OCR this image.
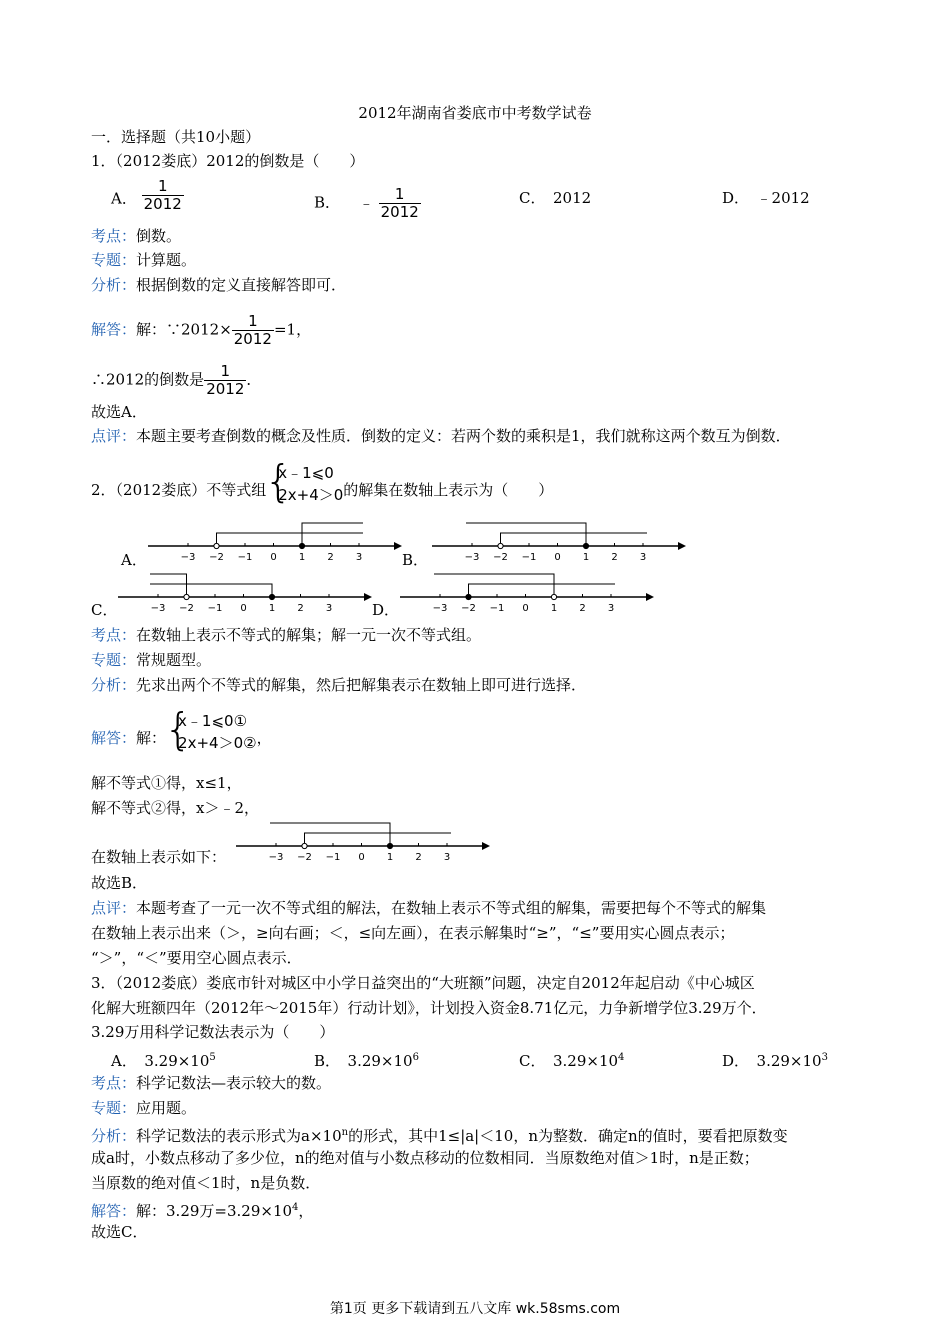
2012年湖南省娄底市中考数学试卷
一．选择题（共10小题）
1．（2012娄底）2012的倒数是（　　）
A． $\frac{1}{2012}$	B． ﹣ $\frac{1}{2012}$	C．　2012	D．　﹣2012
考点：倒数。
专题：计算题。
分析：根据倒数的定义直接解答即可．
解答：解：∵2012× $\frac{1}{2012} =1$，
∴2012的倒数是 $\frac{1}{2012}$ ．
故选A．
点评：本题主要考查倒数的概念及性质．倒数的定义：若两个数的乘积是1，我们就称这两个数互为倒数．
2．（2012娄底）不等式组
{ x﹣1⩽0
2x+4＞0 的解集在数轴上表示为（　　）
A．	B．
C．	D．
−3 −2 −1 0 1 2 3	−3 −2 −1 0 1 2 3
−3 −2 −1 0 1 2 3	−3 −2 −1 0 1 2 3
考点：在数轴上表示不等式的解集；解一元一次不等式组。
专题：常规题型。
分析：先求出两个不等式的解集，然后把解集表示在数轴上即可进行选择．
解答：解：
{ x﹣1⩽0①
2x+4＞0② ，
解不等式①得，x≤1，
解不等式②得，x＞﹣2，
在数轴上表示如下：	−3 −2 −1 0 1 2 3
故选B．
点评：本题考查了一元一次不等式组的解法，在数轴上表示不等式组的解集，需要把每个不等式的解集
在数轴上表示出来（＞，≥向右画；＜，≤向左画），在表示解集时“≥”，“≤”要用实心圆点表示；
“＞”，“＜”要用空心圆点表示．
3．（2012娄底）娄底市针对城区中小学日益突出的“大班额”问题，决定自2012年起启动《中心城区
化解大班额四年（2012年～2015年）行动计划》，计划投入资金8.71亿元，力争新增学位3.29万个．
3.29万用科学记数法表示为（　　）
A．　$3.29\times 10^5$	B．　$3.29\times 10^6$	C．　$3.29\times 10^4$	D．　$3.29\times 10^3$
考点：科学记数法—表示较大的数。
专题：应用题。
分析：科学记数法的表示形式为$a\times 10^n$的形式，其中1≤|a|＜10，n为整数．确定n的值时，要看把原数变
成a时，小数点移动了多少位，n的绝对值与小数点移动的位数相同．当原数绝对值＞1时，n是正数；
当原数的绝对值＜1时，n是负数．
解答：解：3.29万$=3.29\times 10^4$，
故选C．
第1页 更多下载请到五八文库 wk.58sms.com
